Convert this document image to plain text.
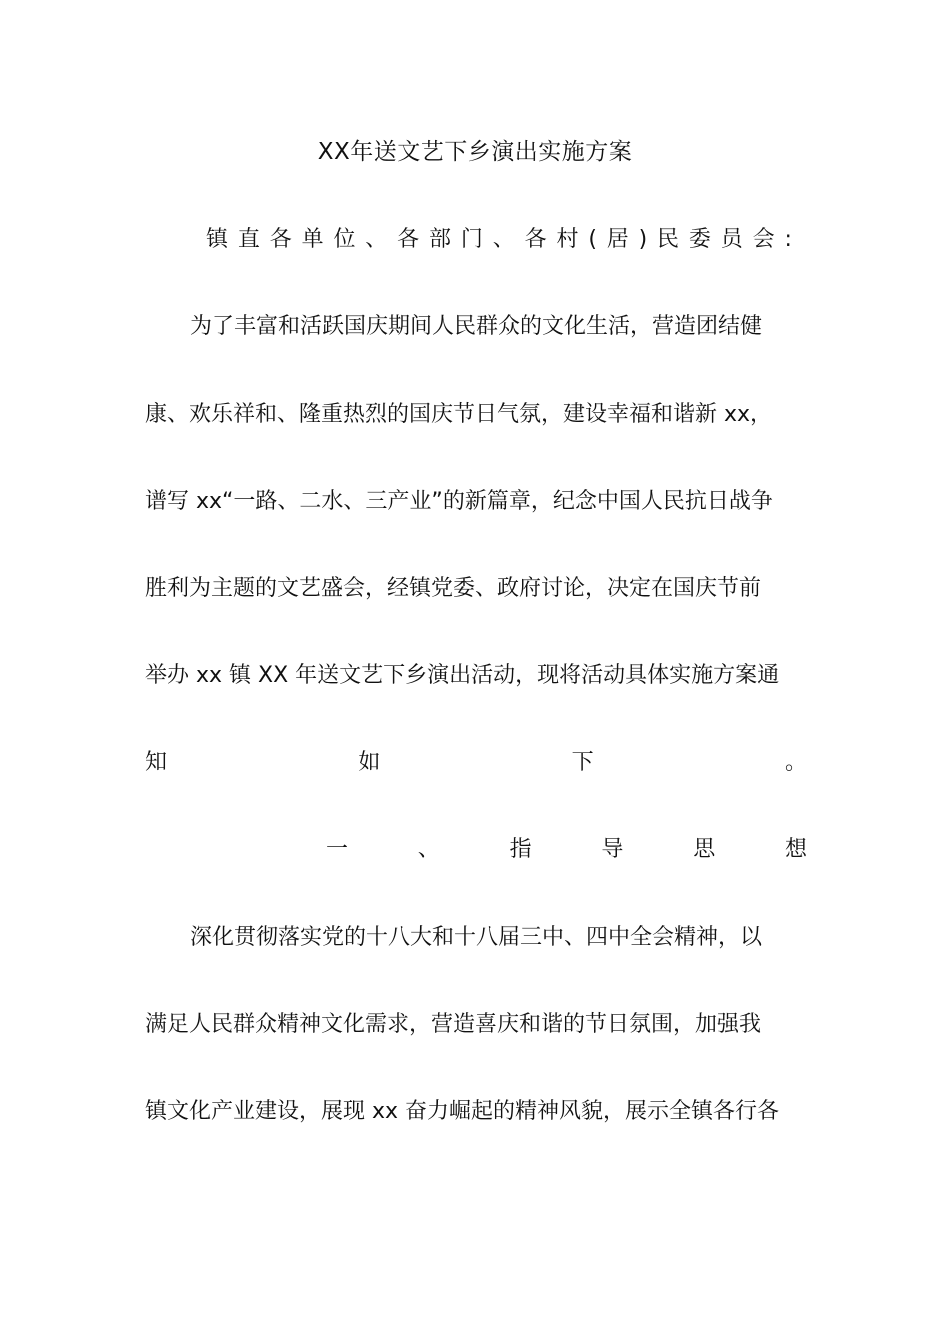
XX年送文艺下乡演出实施方案
镇 直 各 单 位 、 各 部 门 、 各 村 ( 居 ) 民 委 员 会 :
为了丰富和活跃国庆期间人民群众的文化生活，营造团结健
康、欢乐祥和、隆重热烈的国庆节日气氛，建设幸福和谐新 xx，
谱写 xx“一路、二水、三产业”的新篇章，纪念中国人民抗日战争
胜利为主题的文艺盛会，经镇党委、政府讨论，决定在国庆节前
举办 xx 镇 XX 年送文艺下乡演出活动，现将活动具体实施方案通
知	如	下	。
一	、	指	导	思	想
深化贯彻落实党的十八大和十八届三中、四中全会精神，以
满足人民群众精神文化需求，营造喜庆和谐的节日氛围，加强我
镇文化产业建设，展现 xx 奋力崛起的精神风貌，展示全镇各行各
